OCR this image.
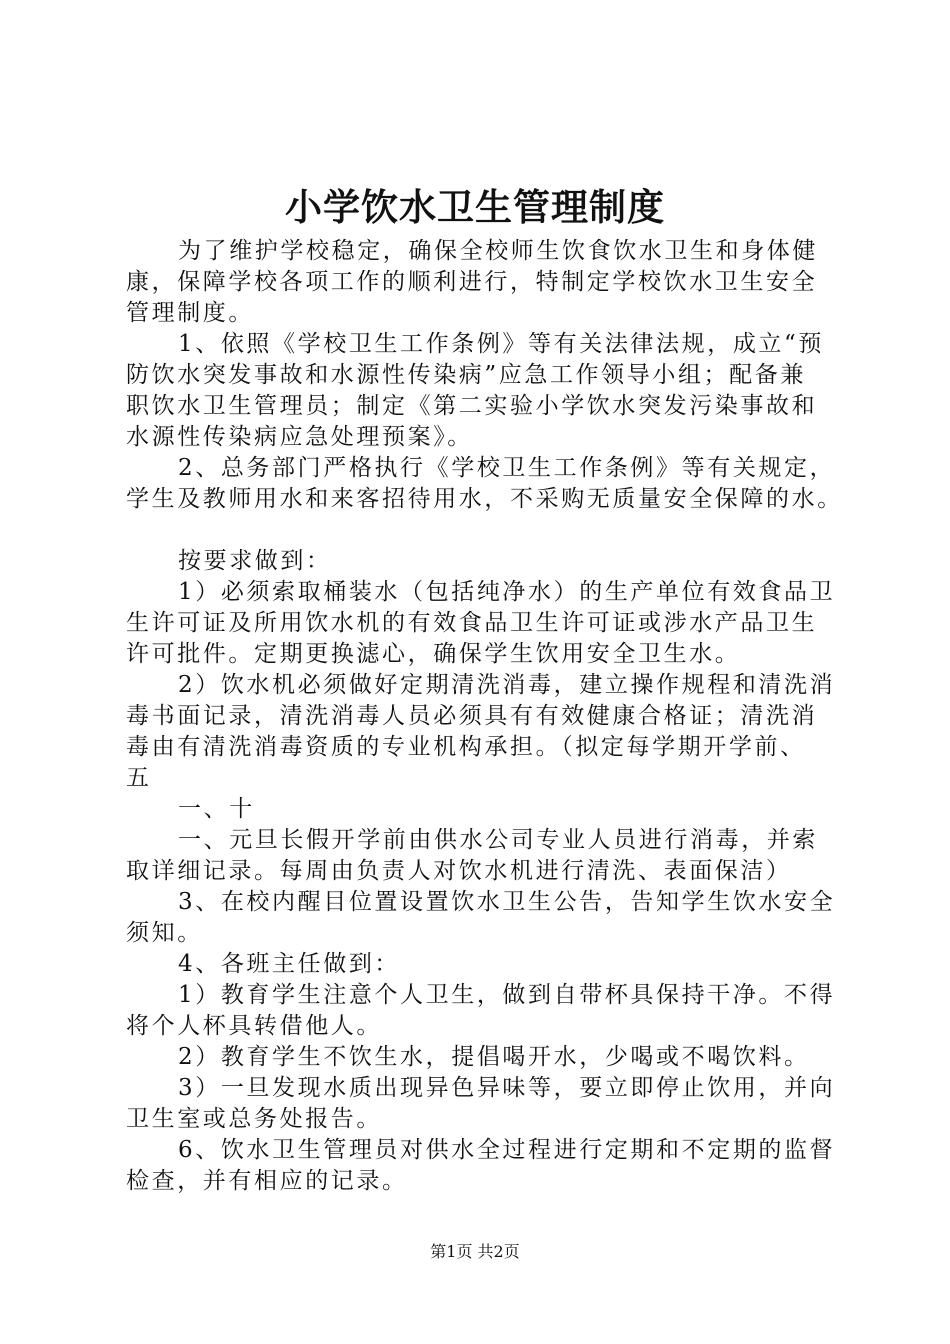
小学饮水卫生管理制度
为了维护学校稳定，确保全校师生饮食饮水卫生和身体健
康，保障学校各项工作的顺利进行，特制定学校饮水卫生安全
管理制度。
1、依照《学校卫生工作条例》等有关法律法规，成立“预
防饮水突发事故和水源性传染病”应急工作领导小组；配备兼
职饮水卫生管理员；制定《第二实验小学饮水突发污染事故和
水源性传染病应急处理预案》。
2、总务部门严格执行《学校卫生工作条例》等有关规定，
学生及教师用水和来客招待用水，不采购无质量安全保障的水。
按要求做到：
1）必须索取桶装水（包括纯净水）的生产单位有效食品卫
生许可证及所用饮水机的有效食品卫生许可证或涉水产品卫生
许可批件。定期更换滤心，确保学生饮用安全卫生水。
2）饮水机必须做好定期清洗消毒，建立操作规程和清洗消
毒书面记录，清洗消毒人员必须具有有效健康合格证；清洗消
毒由有清洗消毒资质的专业机构承担。（拟定每学期开学前、
五
一、十
一、元旦长假开学前由供水公司专业人员进行消毒，并索
取详细记录。每周由负责人对饮水机进行清洗、表面保洁）
3、在校内醒目位置设置饮水卫生公告，告知学生饮水安全
须知。
4、各班主任做到：
1）教育学生注意个人卫生，做到自带杯具保持干净。不得
将个人杯具转借他人。
2）教育学生不饮生水，提倡喝开水，少喝或不喝饮料。
3）一旦发现水质出现异色异味等，要立即停止饮用，并向
卫生室或总务处报告。
6、饮水卫生管理员对供水全过程进行定期和不定期的监督
检查，并有相应的记录。
第1页 共2页
